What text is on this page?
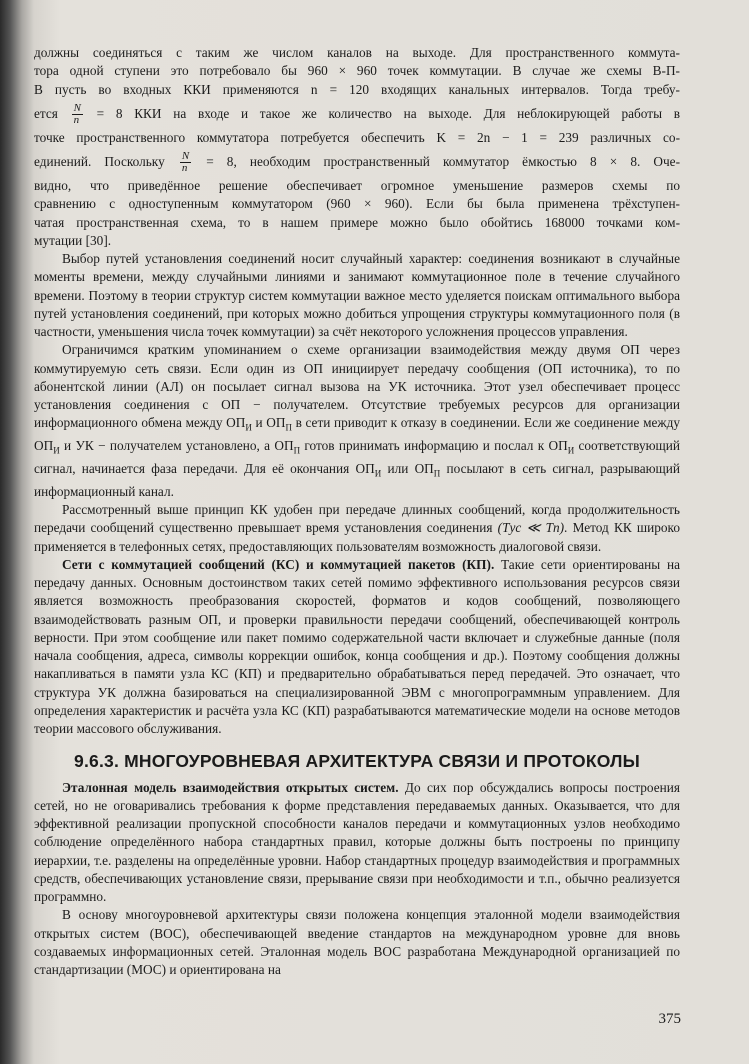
должны соединяться с таким же числом каналов на выходе. Для пространственного коммута-
тора одной ступени это потребовало бы 960 × 960 точек коммутации. В случае же схемы В-П-
В пусть во входных ККИ применяются n = 120 входящих канальных интервалов. Тогда требу-
ется $\frac{N}{n} = 8$ ККИ на входе и такое же количество на выходе. Для неблокирующей работы в
точке пространственного коммутатора потребуется обеспечить K = 2n − 1 = 239 различных со-
единений. Поскольку $\frac{N}{n} = 8$, необходим пространственный коммутатор ёмкостью 8 × 8. Оче-
видно, что приведённое решение обеспечивает огромное уменьшение размеров схемы по
сравнению с одноступенным коммутатором (960 × 960). Если бы была применена трёхступен-
чатая пространственная схема, то в нашем примере можно было обойтись 168000 точками ком-
мутации [30].

Выбор путей установления соединений носит случайный характер: соединения возникают в случайные моменты времени, между случайными линиями и занимают коммутационное поле в течение случайного времени. Поэтому в теории структур систем коммутации важное место уделяется поискам оптимального выбора путей установления соединений, при которых можно добиться упрощения структуры коммутационного поля (в частности, уменьшения числа точек коммутации) за счёт некоторого усложнения процессов управления.

Ограничимся кратким упоминанием о схеме организации взаимодействия между двумя ОП через коммутируемую сеть связи. Если один из ОП инициирует передачу сообщения (ОП источника), то по абонентской линии (АЛ) он посылает сигнал вызова на УК источника. Этот узел обеспечивает процесс установления соединения с ОП − получателем. Отсутствие требуемых ресурсов для организации информационного обмена между $ОП_И$ и $ОП_П$ в сети приводит к отказу в соединении. Если же соединение между $ОП_И$ и УК − получателем установлено, а $ОП_П$ готов принимать информацию и послал к $ОП_И$ соответствующий сигнал, начинается фаза передачи. Для её окончания $ОП_И$ или $ОП_П$ посылают в сеть сигнал, разрывающий информационный канал.

Рассмотренный выше принцип КК удобен при передаче длинных сообщений, когда продолжительность передачи сообщений существенно превышает время установления соединения (Tус ≪ Tп). Метод КК широко применяется в телефонных сетях, предоставляющих пользователям возможность диалоговой связи.

Сети с коммутацией сообщений (КС) и коммутацией пакетов (КП). Такие сети ориентированы на передачу данных. Основным достоинством таких сетей помимо эффективного использования ресурсов связи является возможность преобразования скоростей, форматов и кодов сообщений, позволяющего взаимодействовать разным ОП, и проверки правильности передачи сообщений, обеспечивающей контроль верности. При этом сообщение или пакет помимо содержательной части включает и служебные данные (поля начала сообщения, адреса, символы коррекции ошибок, конца сообщения и др.). Поэтому сообщения должны накапливаться в памяти узла КС (КП) и предварительно обрабатываться перед передачей. Это означает, что структура УК должна базироваться на специализированной ЭВМ с многопрограммным управлением. Для определения характеристик и расчёта узла КС (КП) разрабатываются математические модели на основе методов теории массового обслуживания.

9.6.3. МНОГОУРОВНЕВАЯ АРХИТЕКТУРА СВЯЗИ И ПРОТОКОЛЫ

Эталонная модель взаимодействия открытых систем. До сих пор обсуждались вопросы построения сетей, но не оговаривались требования к форме представления передаваемых данных. Оказывается, что для эффективной реализации пропускной способности каналов передачи и коммутационных узлов необходимо соблюдение определённого набора стандартных правил, которые должны быть построены по принципу иерархии, т.е. разделены на определённые уровни. Набор стандартных процедур взаимодействия и программных средств, обеспечивающих установление связи, прерывание связи при необходимости и т.п., обычно реализуется программно.

В основу многоуровневой архитектуры связи положена концепция эталонной модели взаимодействия открытых систем (ВОС), обеспечивающей введение стандартов на международном уровне для вновь создаваемых информационных сетей. Эталонная модель ВОС разработана Международной организацией по стандартизации (МОС) и ориентирована на

375
